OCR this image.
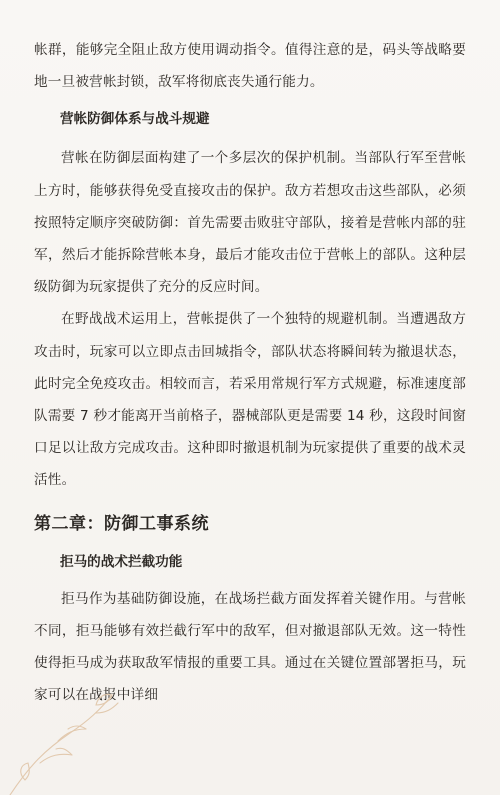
帐群，能够完全阻止敌方使用调动指令。值得注意的是，码头等战略要地一旦被营帐封锁，敌军将彻底丧失通行能力。

营帐防御体系与战斗规避

营帐在防御层面构建了一个多层次的保护机制。当部队行军至营帐上方时，能够获得免受直接攻击的保护。敌方若想攻击这些部队，必须按照特定顺序突破防御：首先需要击败驻守部队，接着是营帐内部的驻军，然后才能拆除营帐本身，最后才能攻击位于营帐上的部队。这种层级防御为玩家提供了充分的反应时间。

在野战战术运用上，营帐提供了一个独特的规避机制。当遭遇敌方攻击时，玩家可以立即点击回城指令，部队状态将瞬间转为撤退状态，此时完全免疫攻击。相较而言，若采用常规行军方式规避，标准速度部队需要 7 秒才能离开当前格子，器械部队更是需要 14 秒，这段时间窗口足以让敌方完成攻击。这种即时撤退机制为玩家提供了重要的战术灵活性。

第二章：防御工事系统
拒马的战术拦截功能

拒马作为基础防御设施，在战场拦截方面发挥着关键作用。与营帐不同，拒马能够有效拦截行军中的敌军，但对撤退部队无效。这一特性使得拒马成为获取敌军情报的重要工具。通过在关键位置部署拒马，玩家可以在战报中详细
